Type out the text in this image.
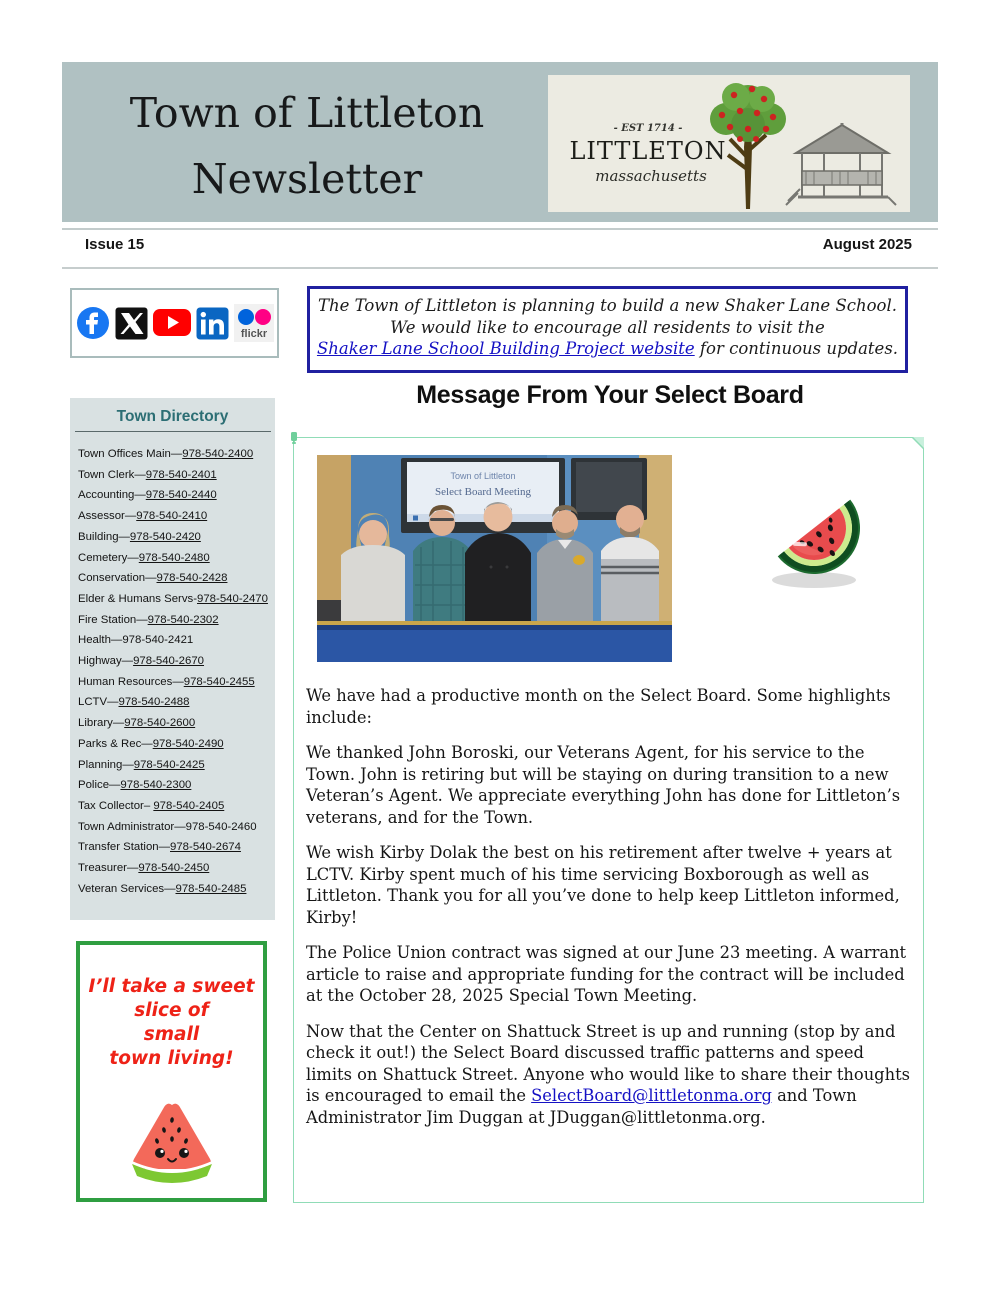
Town of Littleton
Newsletter
- EST 1714 -
LITTLETON
massachusetts
Issue 15	August 2025
flickr
The Town of Littleton is planning to build a new Shaker Lane School.
We would like to encourage all residents to visit the
Shaker Lane School Building Project website for continuous updates.
Town Directory
Town Offices Main—978-540-2400
Town Clerk—978-540-2401
Accounting—978-540-2440
Assessor—978-540-2410
Building—978-540-2420
Cemetery—978-540-2480
Conservation—978-540-2428
Elder & Humans Servs-978-540-2470
Fire Station—978-540-2302
Health—978-540-2421
Highway—978-540-2670
Human Resources—978-540-2455
LCTV—978-540-2488
Library—978-540-2600
Parks & Rec—978-540-2490
Planning—978-540-2425
Police—978-540-2300
Tax Collector– 978-540-2405
Town Administrator—978-540-2460
Transfer Station—978-540-2674
Treasurer—978-540-2450
Veteran Services—978-540-2485
I’ll take a sweet
slice of
small
town living!
Message From Your Select Board
Town of Littleton
Select Board Meeting

We have had a productive month on the Select Board. Some highlights include:

We thanked John Boroski, our Veterans Agent, for his service to the Town. John is retiring but will be staying on during transition to a new Veteran’s Agent. We appreciate everything John has done for Littleton’s veterans, and for the Town.

We wish Kirby Dolak the best on his retirement after twelve + years at LCTV. Kirby spent much of his time servicing Boxborough as well as Littleton. Thank you for all you’ve done to help keep Littleton informed, Kirby!

The Police Union contract was signed at our June 23 meeting. A warrant article to raise and appropriate funding for the contract will be included at the October 28, 2025 Special Town Meeting.

Now that the Center on Shattuck Street is up and running (stop by and check it out!) the Select Board discussed traffic patterns and speed limits on Shattuck Street. Anyone who would like to share their thoughts is encouraged to email the SelectBoard@littletonma.org and Town Administrator Jim Duggan at JDuggan@littletonma.org.
